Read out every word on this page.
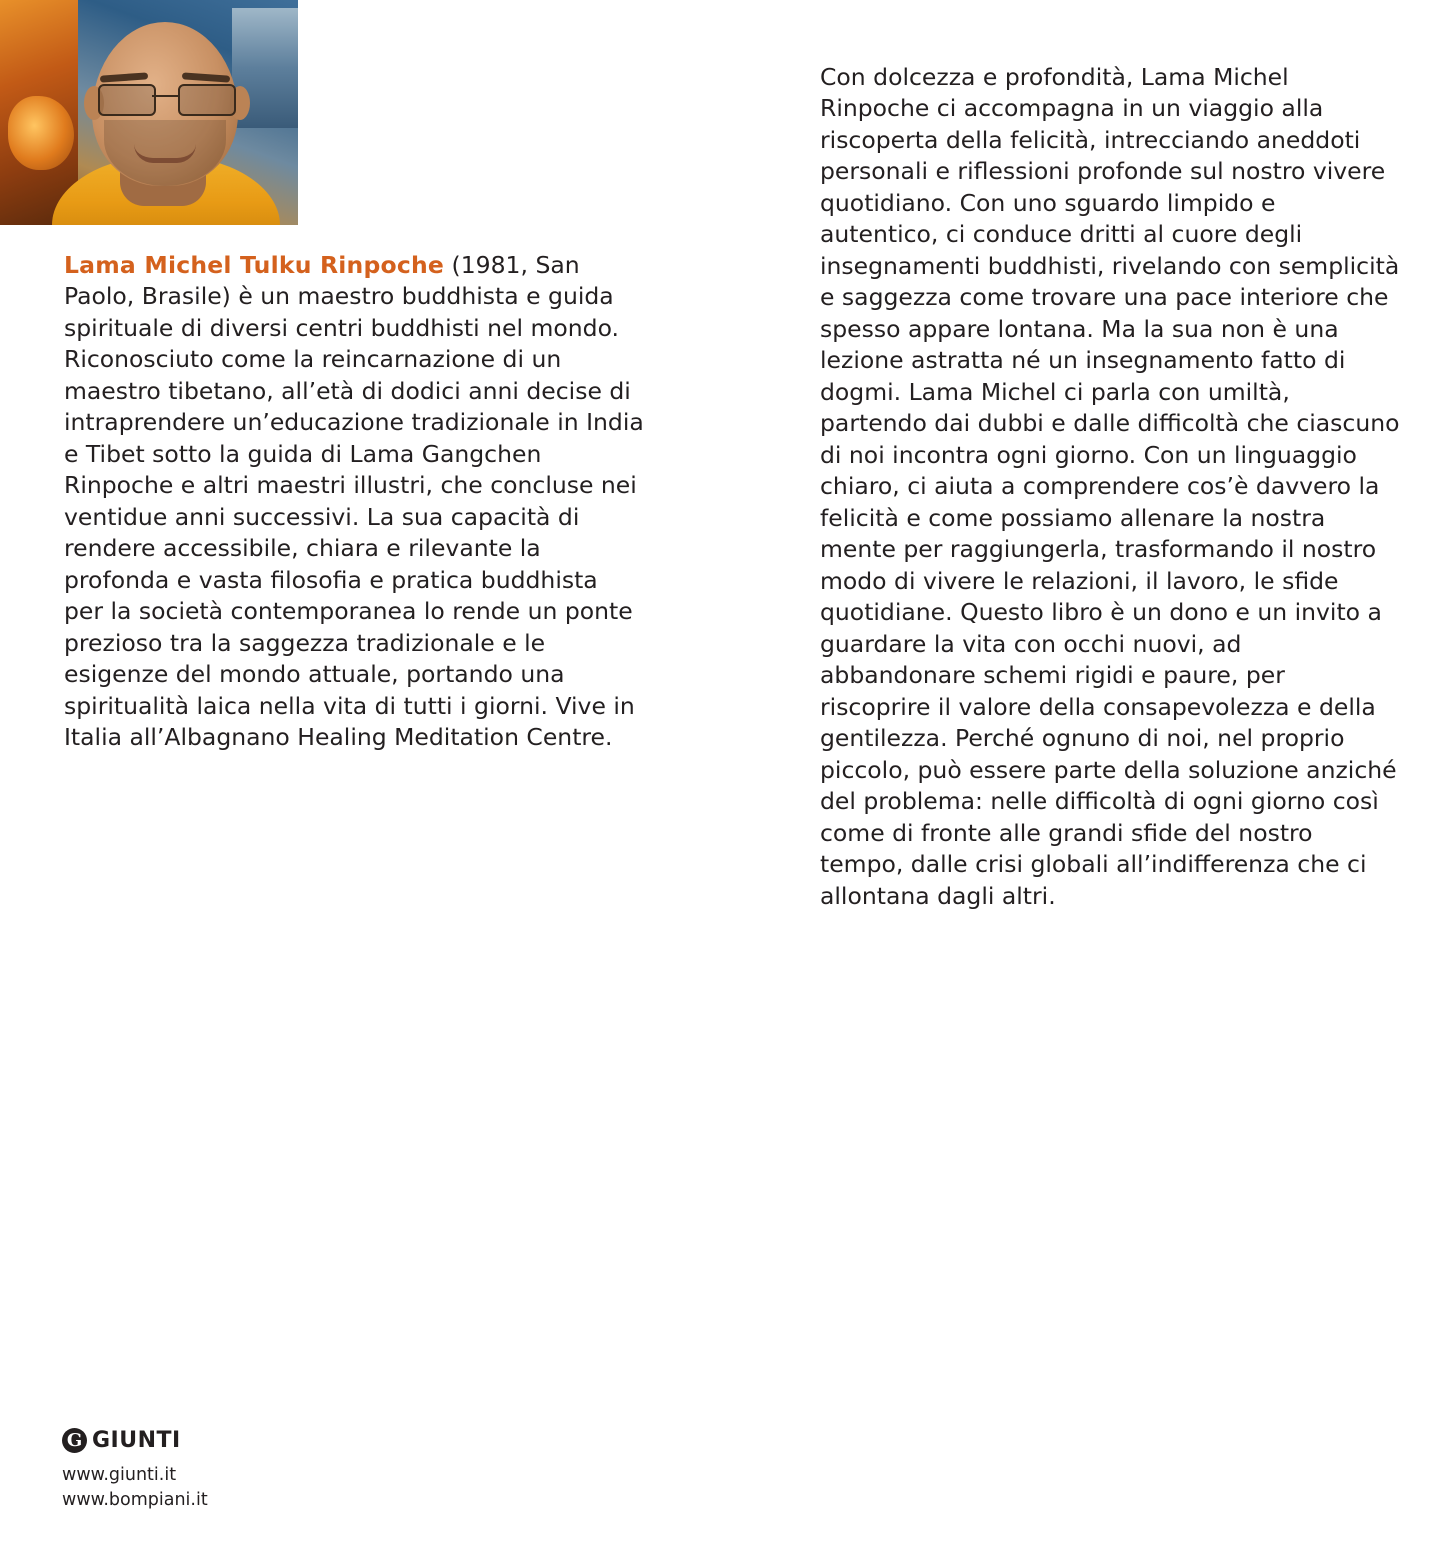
Lama Michel Tulku Rinpoche (1981, San Paolo, Brasile) è un maestro buddhista e guida spirituale di diversi centri buddhisti nel mondo. Riconosciuto come la reincarnazione di un maestro tibetano, all’età di dodici anni decise di intraprendere un’educazione tradizionale in India e Tibet sotto la guida di Lama Gangchen Rinpoche e altri maestri illustri, che concluse nei ventidue anni successivi. La sua capacità di rendere accessibile, chiara e rilevante la profonda e vasta filosofia e pratica buddhista per la società contemporanea lo rende un ponte prezioso tra la saggezza tradizionale e le esigenze del mondo attuale, portando una spiritualità laica nella vita di tutti i giorni. Vive in Italia all’Albagnano Healing Meditation Centre.

Con dolcezza e profondità, Lama Michel Rinpoche ci accompagna in un viaggio alla riscoperta della felicità, intrecciando aneddoti personali e riflessioni profonde sul nostro vivere quotidiano. Con uno sguardo limpido e autentico, ci conduce dritti al cuore degli insegnamenti buddhisti, rivelando con semplicità e saggezza come trovare una pace interiore che spesso appare lontana. Ma la sua non è una lezione astratta né un insegnamento fatto di dogmi. Lama Michel ci parla con umiltà, partendo dai dubbi e dalle difficoltà che ciascuno di noi incontra ogni giorno. Con un linguaggio chiaro, ci aiuta a comprendere cos’è davvero la felicità e come possiamo allenare la nostra mente per raggiungerla, trasformando il nostro modo di vivere le relazioni, il lavoro, le sfide quotidiane. Questo libro è un dono e un invito a guardare la vita con occhi nuovi, ad abbandonare schemi rigidi e paure, per riscoprire il valore della consapevolezza e della gentilezza. Perché ognuno di noi, nel proprio piccolo, può essere parte della soluzione anziché del problema: nelle difficoltà di ogni giorno così come di fronte alle grandi sfide del nostro tempo, dalle crisi globali all’indifferenza che ci allontana dagli altri.

G GIUNTI
www.giunti.it
www.bompiani.it
